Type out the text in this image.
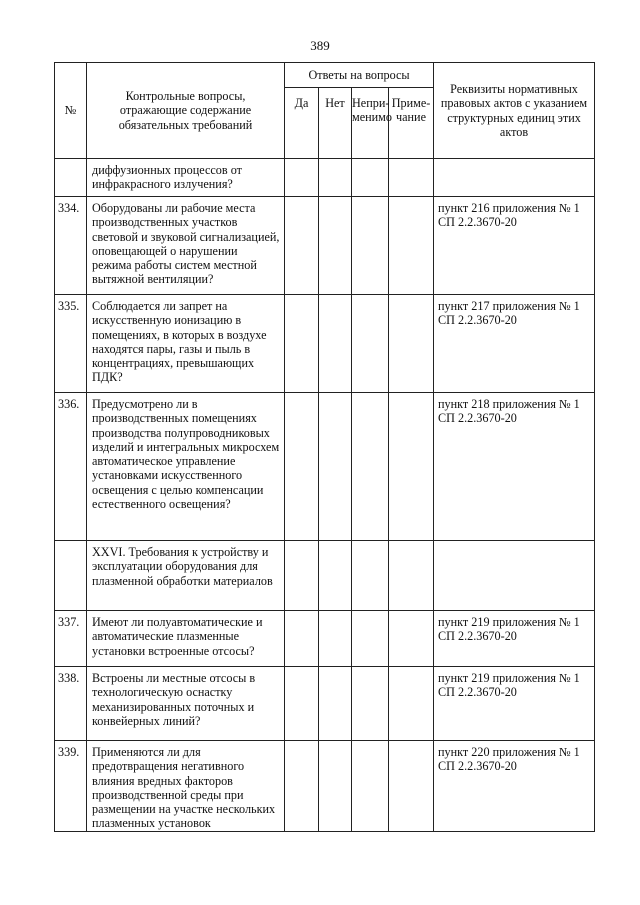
389
№	Контрольные вопросы, отражающие содержание обязательных требований	Ответы на вопросы				Реквизиты нормативных правовых актов с указанием структурных единиц этих актов
		Да	Нет	Непри-менимо	Приме-чание	
	диффузионных процессов от инфракрасного излучения?					
334.	Оборудованы ли рабочие места производственных участков световой и звуковой сигнализацией, оповещающей о нарушении режима работы систем местной вытяжной вентиляции?					пункт 216 приложения № 1 СП 2.2.3670-20
335.	Соблюдается ли запрет на искусственную ионизацию в помещениях, в которых в воздухе находятся пары, газы и пыль в концентрациях, превышающих ПДК?					пункт 217 приложения № 1 СП 2.2.3670-20
336.	Предусмотрено ли в производственных помещениях производства полупроводниковых изделий и интегральных микросхем автоматическое управление установками искусственного освещения с целью компенсации естественного освещения?					пункт 218 приложения № 1 СП 2.2.3670-20
	XXVI. Требования к устройству и эксплуатации оборудования для плазменной обработки материалов					
337.	Имеют ли полуавтоматические и автоматические плазменные установки встроенные отсосы?					пункт 219 приложения № 1 СП 2.2.3670-20
338.	Встроены ли местные отсосы в технологическую оснастку механизированных поточных и конвейерных линий?					пункт 219 приложения № 1 СП 2.2.3670-20
339.	Применяются ли для предотвращения негативного влияния вредных факторов производственной среды при размещении на участке нескольких плазменных установок					пункт 220 приложения № 1 СП 2.2.3670-20
